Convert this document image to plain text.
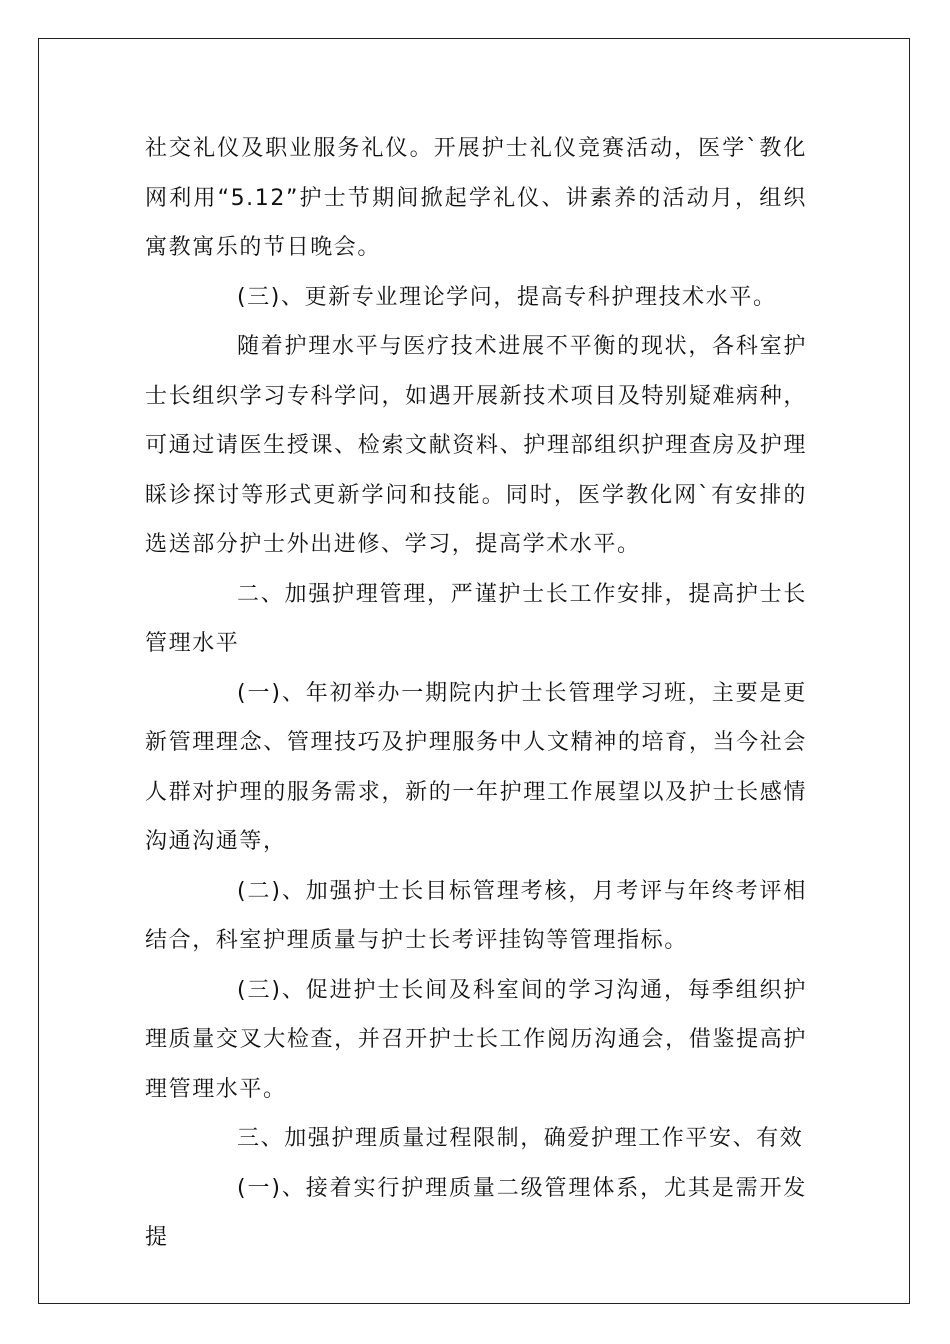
社交礼仪及职业服务礼仪。开展护士礼仪竞赛活动，医学`教化网利用“5.12”护士节期间掀起学礼仪、讲素养的活动月，组织寓教寓乐的节日晚会。

(三)、更新专业理论学问，提高专科护理技术水平。

随着护理水平与医疗技术进展不平衡的现状，各科室护士长组织学习专科学问，如遇开展新技术项目及特别疑难病种，可通过请医生授课、检索文献资料、护理部组织护理查房及护理睬诊探讨等形式更新学问和技能。同时，医学教化网`有安排的选送部分护士外出进修、学习，提高学术水平。

二、加强护理管理，严谨护士长工作安排，提高护士长管理水平

(一)、年初举办一期院内护士长管理学习班，主要是更新管理理念、管理技巧及护理服务中人文精神的培育，当今社会人群对护理的服务需求，新的一年护理工作展望以及护士长感情沟通沟通等，

(二)、加强护士长目标管理考核，月考评与年终考评相结合，科室护理质量与护士长考评挂钩等管理指标。

(三)、促进护士长间及科室间的学习沟通，每季组织护理质量交叉大检查，并召开护士长工作阅历沟通会，借鉴提高护理管理水平。

三、加强护理质量过程限制，确爱护理工作平安、有效

(一)、接着实行护理质量二级管理体系，尤其是需开发提
